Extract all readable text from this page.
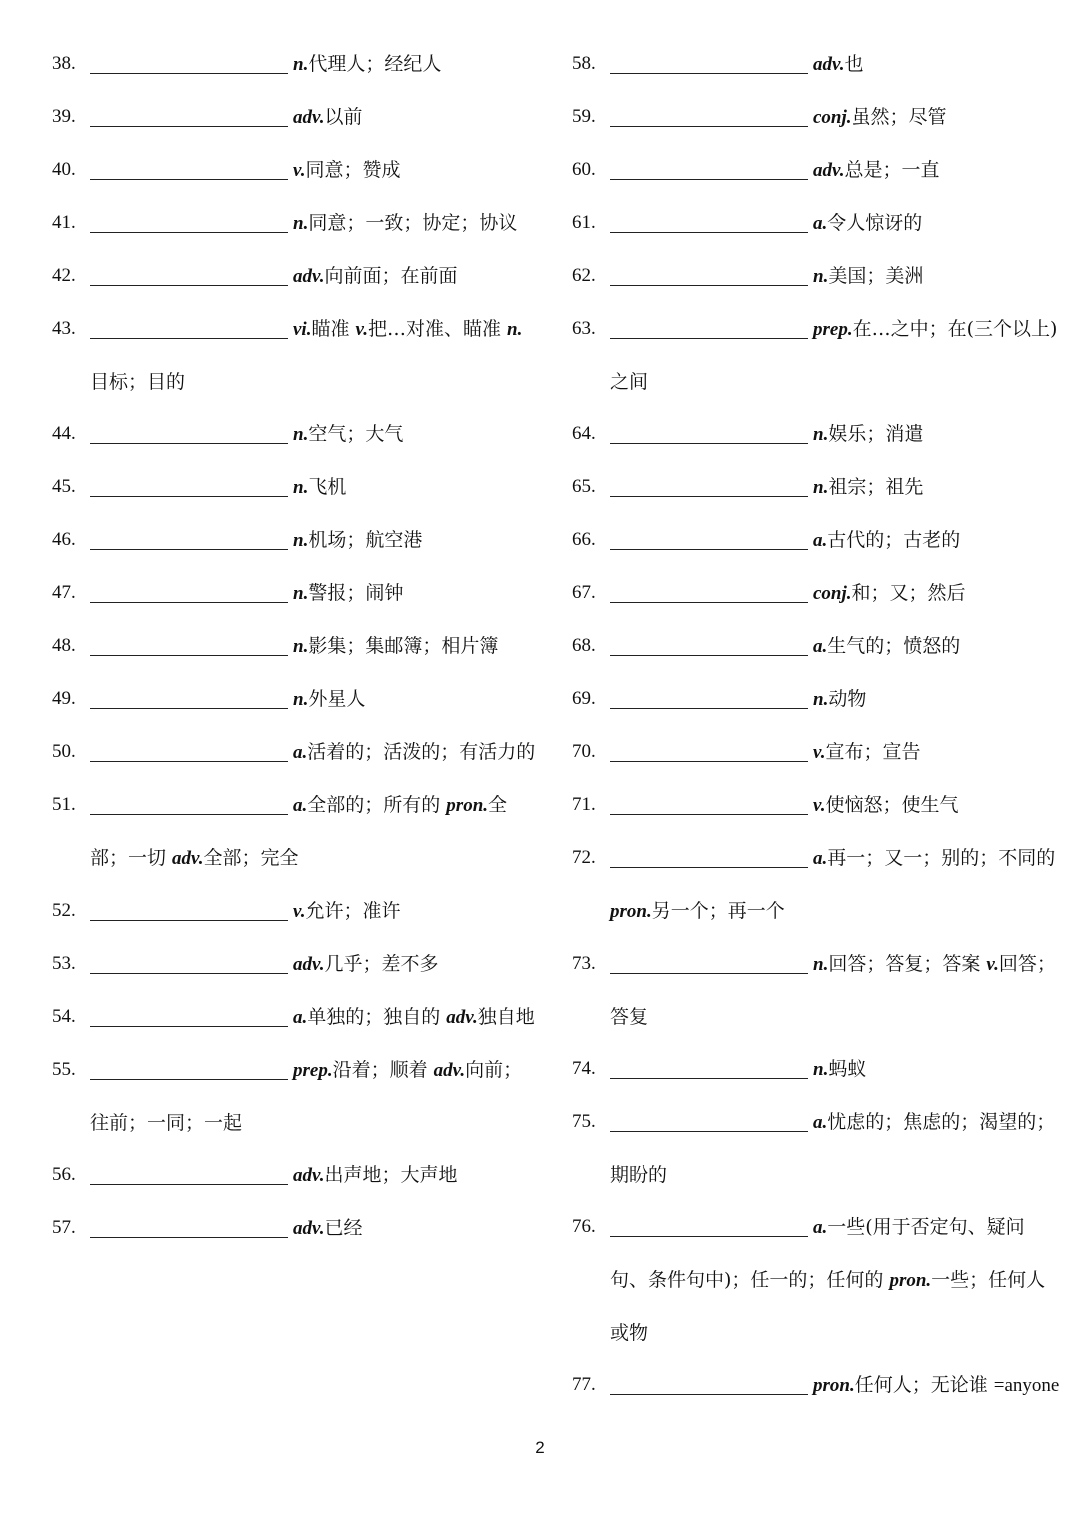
38.	n.代理人；经纪人
39.	adv.以前
40.	v.同意；赞成
41.	n.同意；一致；协定；协议
42.	adv.向前面；在前面
43.	vi.瞄准 v.把…对准、瞄准 n.目标；目的
44.	n.空气；大气
45.	n.飞机
46.	n.机场；航空港
47.	n.警报；闹钟
48.	n.影集；集邮簿；相片簿
49.	n.外星人
50.	a.活着的；活泼的；有活力的
51.	a.全部的；所有的 pron.全部；一切 adv.全部；完全
52.	v.允许；准许
53.	adv.几乎；差不多
54.	a.单独的；独自的 adv.独自地
55.	prep.沿着；顺着 adv.向前；往前；一同；一起
56.	adv.出声地；大声地
57.	adv.已经
58.	adv.也
59.	conj.虽然；尽管
60.	adv.总是；一直
61.	a.令人惊讶的
62.	n.美国；美洲
63.	prep.在…之中；在(三个以上)之间
64.	n.娱乐；消遣
65.	n.祖宗；祖先
66.	a.古代的；古老的
67.	conj.和；又；然后
68.	a.生气的；愤怒的
69.	n.动物
70.	v.宣布；宣告
71.	v.使恼怒；使生气
72.	a.再一；又一；别的；不同的 pron.另一个；再一个
73.	n.回答；答复；答案 v.回答；答复
74.	n.蚂蚁
75.	a.忧虑的；焦虑的；渴望的；期盼的
76.	a.一些(用于否定句、疑问句、条件句中)；任一的；任何的 pron.一些；任何人或物
77.	pron.任何人；无论谁 =anyone
2
